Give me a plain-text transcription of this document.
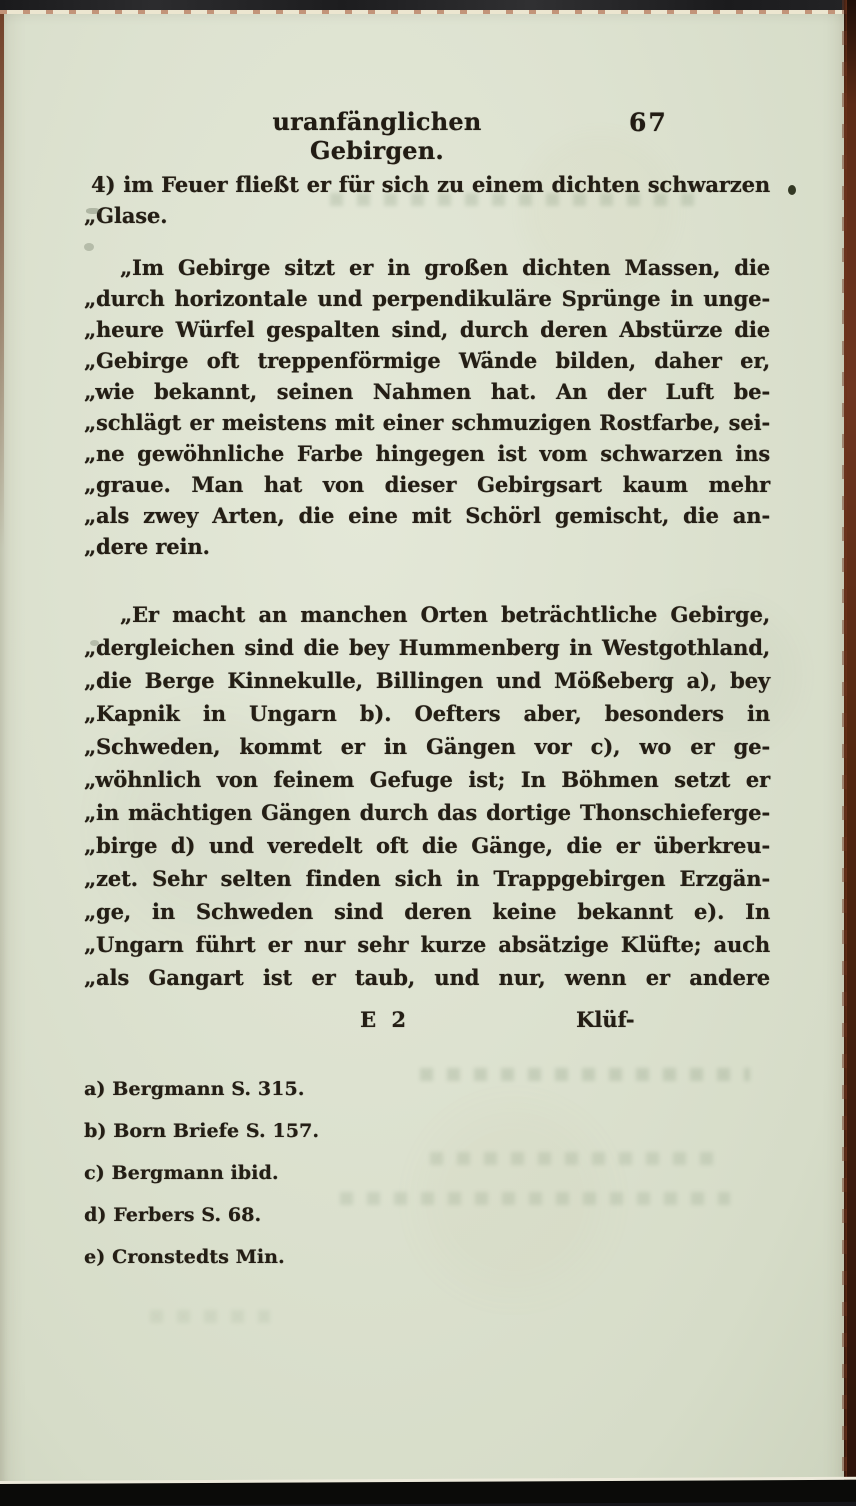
uranfänglichen Gebirgen.
67
4) im Feuer fließt er für sich zu einem dichten schwarzen
„Glase.
„Im Gebirge sitzt er in großen dichten Massen, die
„durch horizontale und perpendikuläre Sprünge in unge-
„heure Würfel gespalten sind, durch deren Abstürze die
„Gebirge oft treppenförmige Wände bilden, daher er,
„wie bekannt, seinen Nahmen hat. An der Luft be-
„schlägt er meistens mit einer schmuzigen Rostfarbe, sei-
„ne gewöhnliche Farbe hingegen ist vom schwarzen ins
„graue. Man hat von dieser Gebirgsart kaum mehr
„als zwey Arten, die eine mit Schörl gemischt, die an-
„dere rein.
„Er macht an manchen Orten beträchtliche Gebirge,
„dergleichen sind die bey Hummenberg in Westgothland,
„die Berge Kinnekulle, Billingen und Mößeberg a), bey
„Kapnik in Ungarn b). Oefters aber, besonders in
„Schweden, kommt er in Gängen vor c), wo er ge-
„wöhnlich von feinem Gefuge ist; In Böhmen setzt er
„in mächtigen Gängen durch das dortige Thonschieferge-
„birge d) und veredelt oft die Gänge, die er überkreu-
„zet. Sehr selten finden sich in Trappgebirgen Erzgän-
„ge, in Schweden sind deren keine bekannt e). In
„Ungarn führt er nur sehr kurze absätzige Klüfte; auch
„als Gangart ist er taub, und nur, wenn er andere
E 2	Klüf-
a) Bergmann S. 315.
b) Born Briefe S. 157.
c) Bergmann ibid.
d) Ferbers S. 68.
e) Cronstedts Min.
